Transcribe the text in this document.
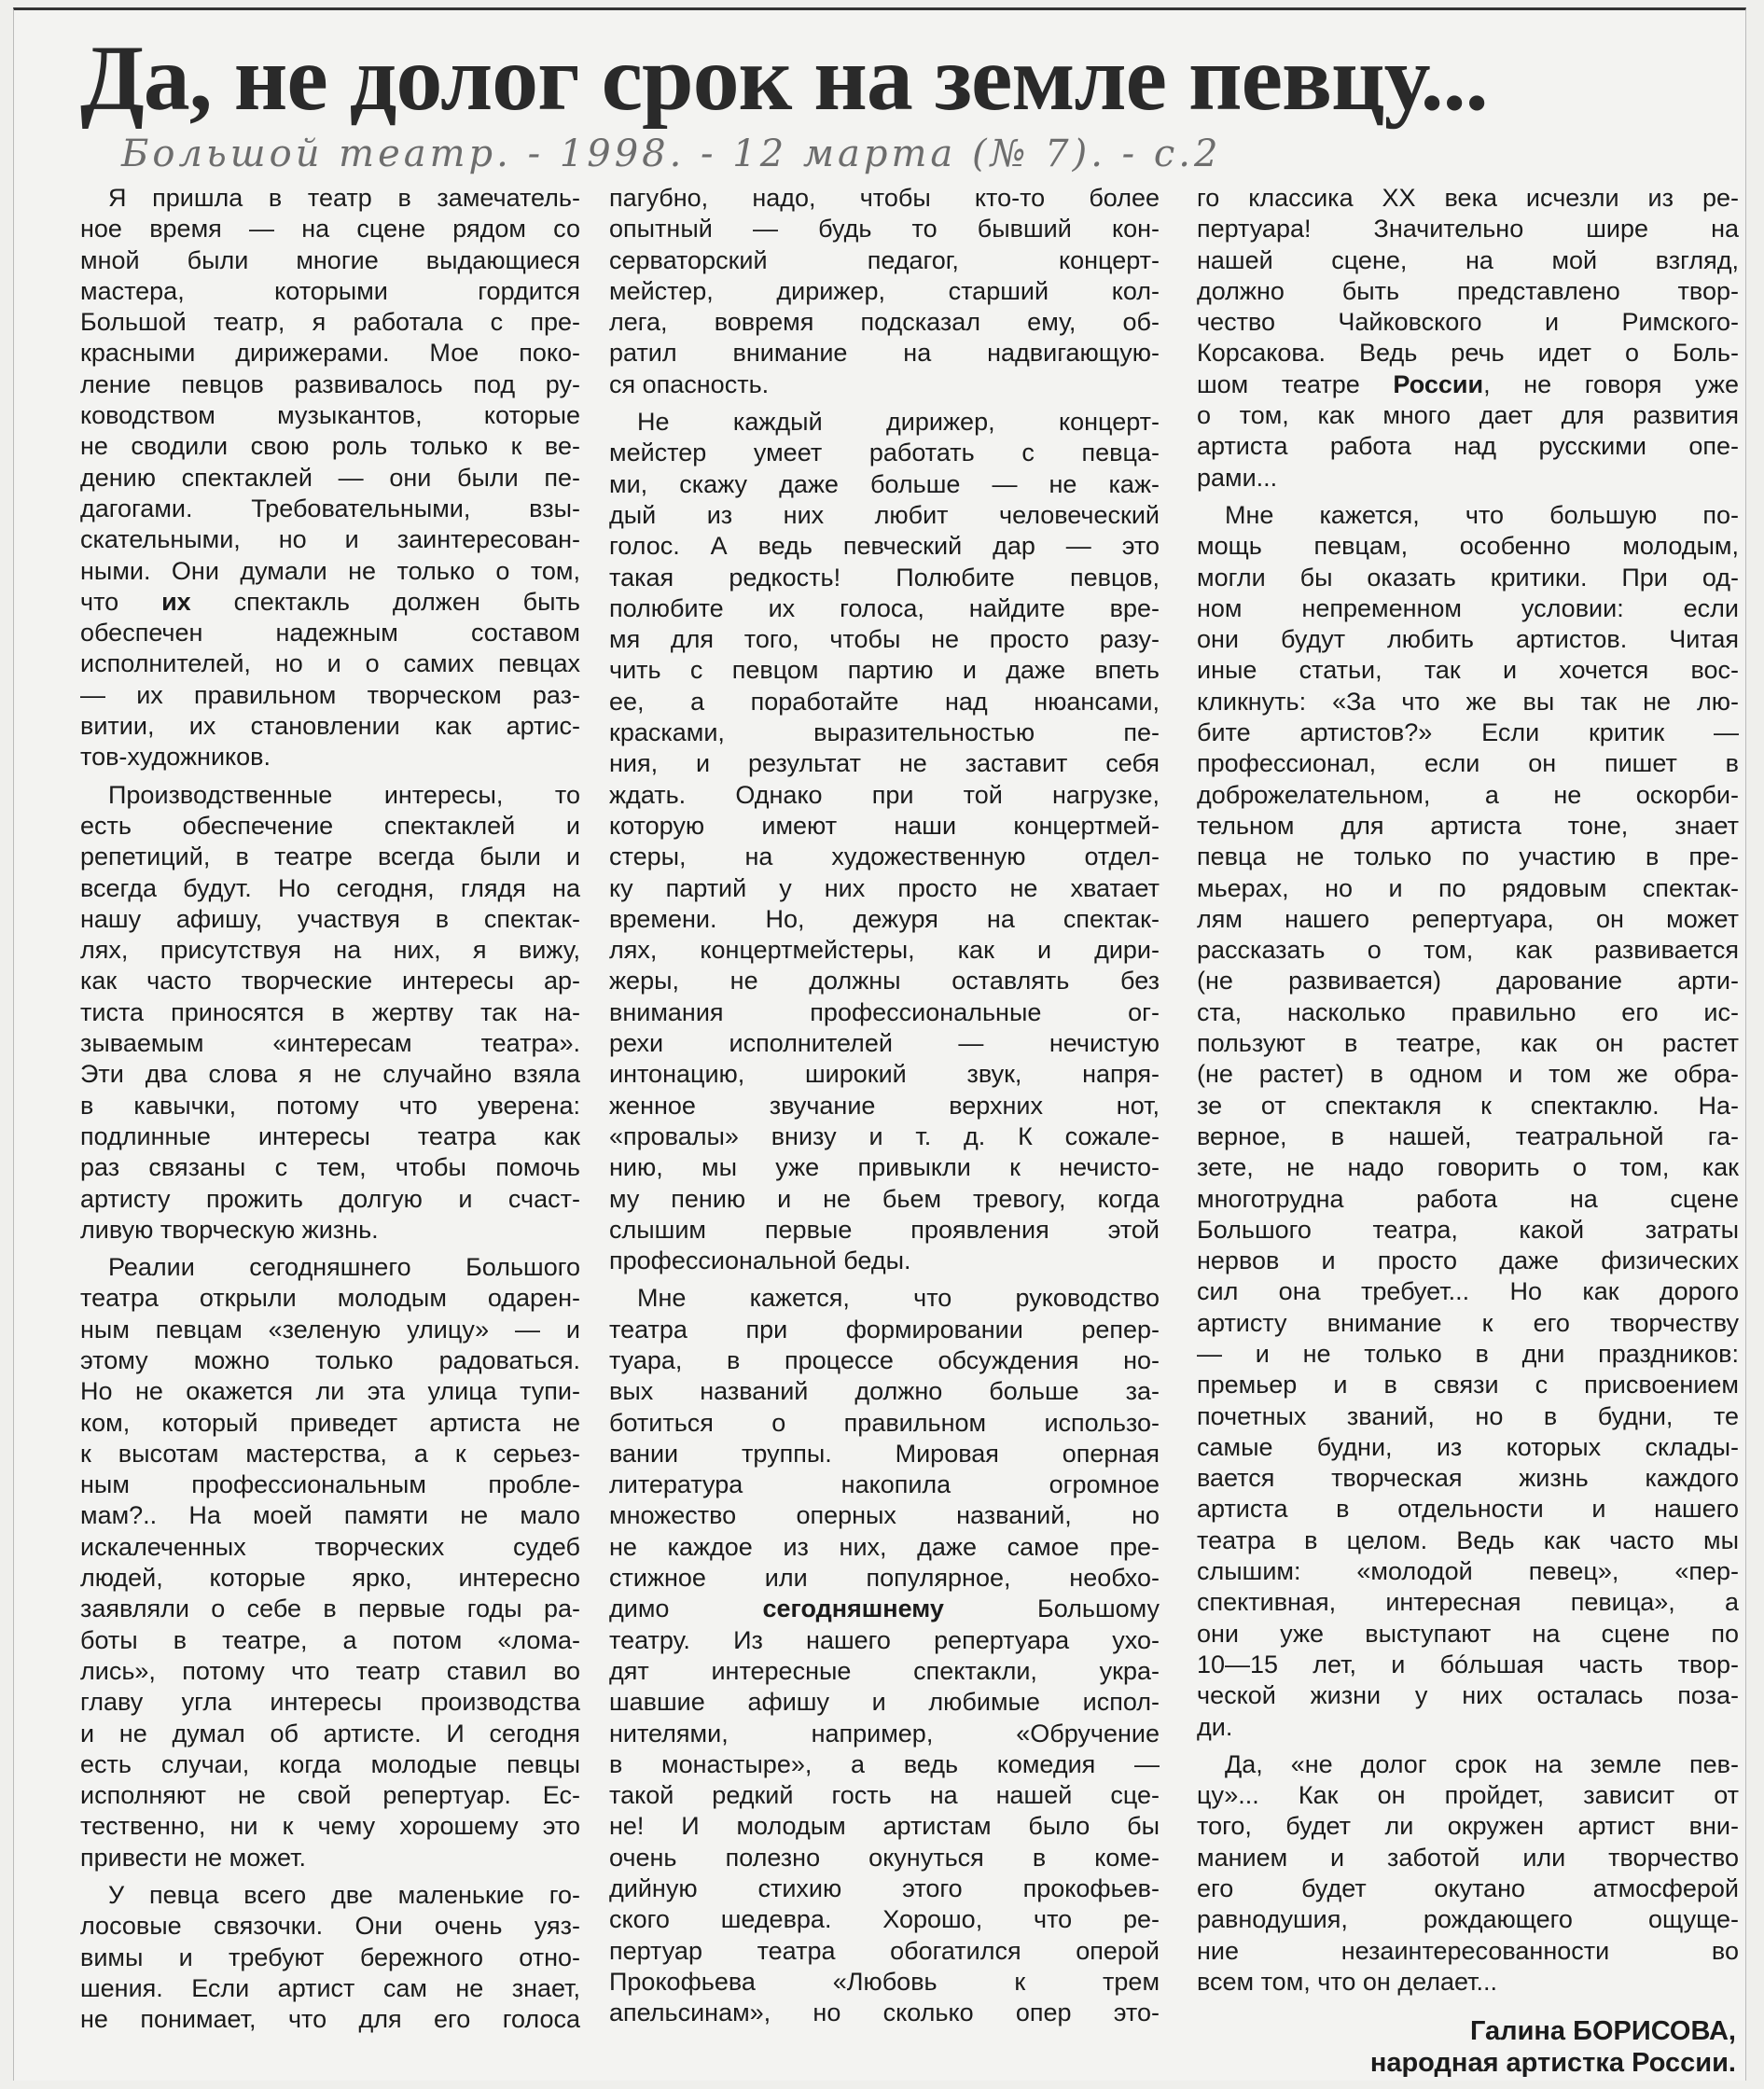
Да, не долог срок на земле певцу...
Большой театр. - 1998. - 12 марта (№ 7). - с.2
Я пришла в театр в замечатель-
ное время — на сцене рядом со
мной были многие выдающиеся
мастера, которыми гордится
Большой театр, я работала с пре-
красными дирижерами. Мое поко-
ление певцов развивалось под ру-
ководством музыкантов, которые
не сводили свою роль только к ве-
дению спектаклей — они были пе-
дагогами. Требовательными, взы-
скательными, но и заинтересован-
ными. Они думали не только о том,
что их спектакль должен быть
обеспечен надежным составом
исполнителей, но и о самих певцах
— их правильном творческом раз-
витии, их становлении как артис-
тов-художников.
Производственные интересы, то
есть обеспечение спектаклей и
репетиций, в театре всегда были и
всегда будут. Но сегодня, глядя на
нашу афишу, участвуя в спектак-
лях, присутствуя на них, я вижу,
как часто творческие интересы ар-
тиста приносятся в жертву так на-
зываемым «интересам театра».
Эти два слова я не случайно взяла
в кавычки, потому что уверена:
подлинные интересы театра как
раз связаны с тем, чтобы помочь
артисту прожить долгую и счаст-
ливую творческую жизнь.
Реалии сегодняшнего Большого
театра открыли молодым одарен-
ным певцам «зеленую улицу» — и
этому можно только радоваться.
Но не окажется ли эта улица тупи-
ком, который приведет артиста не
к высотам мастерства, а к серьез-
ным профессиональным пробле-
мам?.. На моей памяти не мало
искалеченных творческих судеб
людей, которые ярко, интересно
заявляли о себе в первые годы ра-
боты в театре, а потом «лома-
лись», потому что театр ставил во
главу угла интересы производства
и не думал об артисте. И сегодня
есть случаи, когда молодые певцы
исполняют не свой репертуар. Ес-
тественно, ни к чему хорошему это
привести не может.
У певца всего две маленькие го-
лосовые связочки. Они очень уяз-
вимы и требуют бережного отно-
шения. Если артист сам не знает,
не понимает, что для его голоса
пагубно, надо, чтобы кто-то более
опытный — будь то бывший кон-
серваторский педагог, концерт-
мейстер, дирижер, старший кол-
лега, вовремя подсказал ему, об-
ратил внимание на надвигающую-
ся опасность.
Не каждый дирижер, концерт-
мейстер умеет работать с певца-
ми, скажу даже больше — не каж-
дый из них любит человеческий
голос. А ведь певческий дар — это
такая редкость! Полюбите певцов,
полюбите их голоса, найдите вре-
мя для того, чтобы не просто разу-
чить с певцом партию и даже впеть
ее, а поработайте над нюансами,
красками, выразительностью пе-
ния, и результат не заставит себя
ждать. Однако при той нагрузке,
которую имеют наши концертмей-
стеры, на художественную отдел-
ку партий у них просто не хватает
времени. Но, дежуря на спектак-
лях, концертмейстеры, как и дири-
жеры, не должны оставлять без
внимания профессиональные ог-
рехи исполнителей — нечистую
интонацию, широкий звук, напря-
женное звучание верхних нот,
«провалы» внизу и т. д. К сожале-
нию, мы уже привыкли к нечисто-
му пению и не бьем тревогу, когда
слышим первые проявления этой
профессиональной беды.
Мне кажется, что руководство
театра при формировании репер-
туара, в процессе обсуждения но-
вых названий должно больше за-
ботиться о правильном использо-
вании труппы. Мировая оперная
литература накопила огромное
множество оперных названий, но
не каждое из них, даже самое пре-
стижное или популярное, необхо-
димо сегодняшнему Большому
театру. Из нашего репертуара ухо-
дят интересные спектакли, укра-
шавшие афишу и любимые испол-
нителями, например, «Обручение
в монастыре», а ведь комедия —
такой редкий гость на нашей сце-
не! И молодым артистам было бы
очень полезно окунуться в коме-
дийную стихию этого прокофьев-
ского шедевра. Хорошо, что ре-
пертуар театра обогатился оперой
Прокофьева «Любовь к трем
апельсинам», но сколько опер это-
го классика XX века исчезли из ре-
пертуара! Значительно шире на
нашей сцене, на мой взгляд,
должно быть представлено твор-
чество Чайковского и Римского-
Корсакова. Ведь речь идет о Боль-
шом театре России, не говоря уже
о том, как много дает для развития
артиста работа над русскими опе-
рами...
Мне кажется, что большую по-
мощь певцам, особенно молодым,
могли бы оказать критики. При од-
ном непременном условии: если
они будут любить артистов. Читая
иные статьи, так и хочется вос-
кликнуть: «За что же вы так не лю-
бите артистов?» Если критик —
профессионал, если он пишет в
доброжелательном, а не оскорби-
тельном для артиста тоне, знает
певца не только по участию в пре-
мьерах, но и по рядовым спектак-
лям нашего репертуара, он может
рассказать о том, как развивается
(не развивается) дарование арти-
ста, насколько правильно его ис-
пользуют в театре, как он растет
(не растет) в одном и том же обра-
зе от спектакля к спектаклю. На-
верное, в нашей, театральной га-
зете, не надо говорить о том, как
многотрудна работа на сцене
Большого театра, какой затраты
нервов и просто даже физических
сил она требует... Но как дорого
артисту внимание к его творчеству
— и не только в дни праздников:
премьер и в связи с присвоением
почетных званий, но в будни, те
самые будни, из которых склады-
вается творческая жизнь каждого
артиста в отдельности и нашего
театра в целом. Ведь как часто мы
слышим: «молодой певец», «пер-
спективная, интересная певица», а
они уже выступают на сцене по
10—15 лет, и бóльшая часть твор-
ческой жизни у них осталась поза-
ди.
Да, «не долог срок на земле пев-
цу»... Как он пройдет, зависит от
того, будет ли окружен артист вни-
манием и заботой или творчество
его будет окутано атмосферой
равнодушия, рождающего ощуще-
ние незаинтересованности во
всем том, что он делает...
Галина БОРИСОВА,
народная артистка России.
